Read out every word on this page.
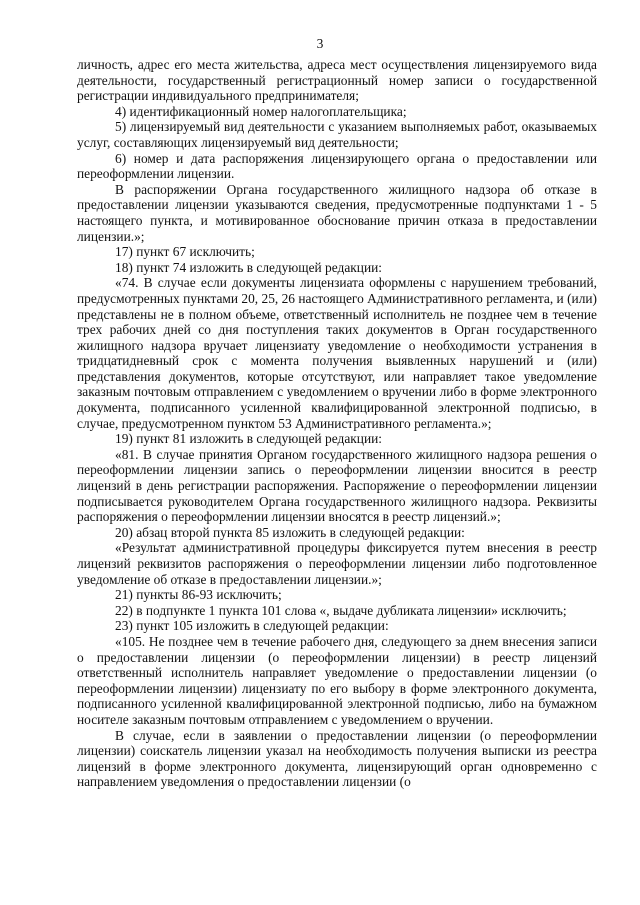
3

личность, адрес его места жительства, адреса мест осуществления лицензируемого вида деятельности, государственный регистрационный номер записи о государственной регистрации индивидуального предпринимателя;

4) идентификационный номер налогоплательщика;

5) лицензируемый вид деятельности с указанием выполняемых работ, оказываемых услуг, составляющих лицензируемый вид деятельности;

6) номер и дата распоряжения лицензирующего органа о предоставлении или переоформлении лицензии.

В распоряжении Органа государственного жилищного надзора об отказе в предоставлении лицензии указываются сведения, предусмотренные подпунктами 1 - 5 настоящего пункта, и мотивированное обоснование причин отказа в предоставлении лицензии.»;

17) пункт 67 исключить;

18) пункт 74 изложить в следующей редакции:

«74. В случае если документы лицензиата оформлены с нарушением требований, предусмотренных пунктами 20, 25, 26 настоящего Административного регламента, и (или) представлены не в полном объеме, ответственный исполнитель не позднее чем в течение трех рабочих дней со дня поступления таких документов в Орган государственного жилищного надзора вручает лицензиату уведомление о необходимости устранения в тридцатидневный срок с момента получения выявленных нарушений и (или) представления документов, которые отсутствуют, или направляет такое уведомление заказным почтовым отправлением с уведомлением о вручении либо в форме электронного документа, подписанного усиленной квалифицированной электронной подписью, в случае, предусмотренном пунктом 53 Административного регламента.»;

19) пункт 81 изложить в следующей редакции:

«81. В случае принятия Органом государственного жилищного надзора решения о переоформлении лицензии запись о переоформлении лицензии вносится в реестр лицензий в день регистрации распоряжения. Распоряжение о переоформлении лицензии подписывается руководителем Органа государственного жилищного надзора. Реквизиты распоряжения о переоформлении лицензии вносятся в реестр лицензий.»;

20) абзац второй пункта 85 изложить в следующей редакции:

«Результат административной процедуры фиксируется путем внесения в реестр лицензий реквизитов распоряжения о переоформлении лицензии либо подготовленное уведомление об отказе в предоставлении лицензии.»;

21) пункты 86-93 исключить;

22) в подпункте 1 пункта 101 слова «, выдаче дубликата лицензии» исключить;

23) пункт 105 изложить в следующей редакции:

«105. Не позднее чем в течение рабочего дня, следующего за днем внесения записи о предоставлении лицензии (о переоформлении лицензии) в реестр лицензий ответственный исполнитель направляет уведомление о предоставлении лицензии (о переоформлении лицензии) лицензиату по его выбору в форме электронного документа, подписанного усиленной квалифицированной электронной подписью, либо на бумажном носителе заказным почтовым отправлением с уведомлением о вручении.

В случае, если в заявлении о предоставлении лицензии (о переоформлении лицензии) соискатель лицензии указал на необходимость получения выписки из реестра лицензий в форме электронного документа, лицензирующий орган одновременно с направлением уведомления о предоставлении лицензии (о
